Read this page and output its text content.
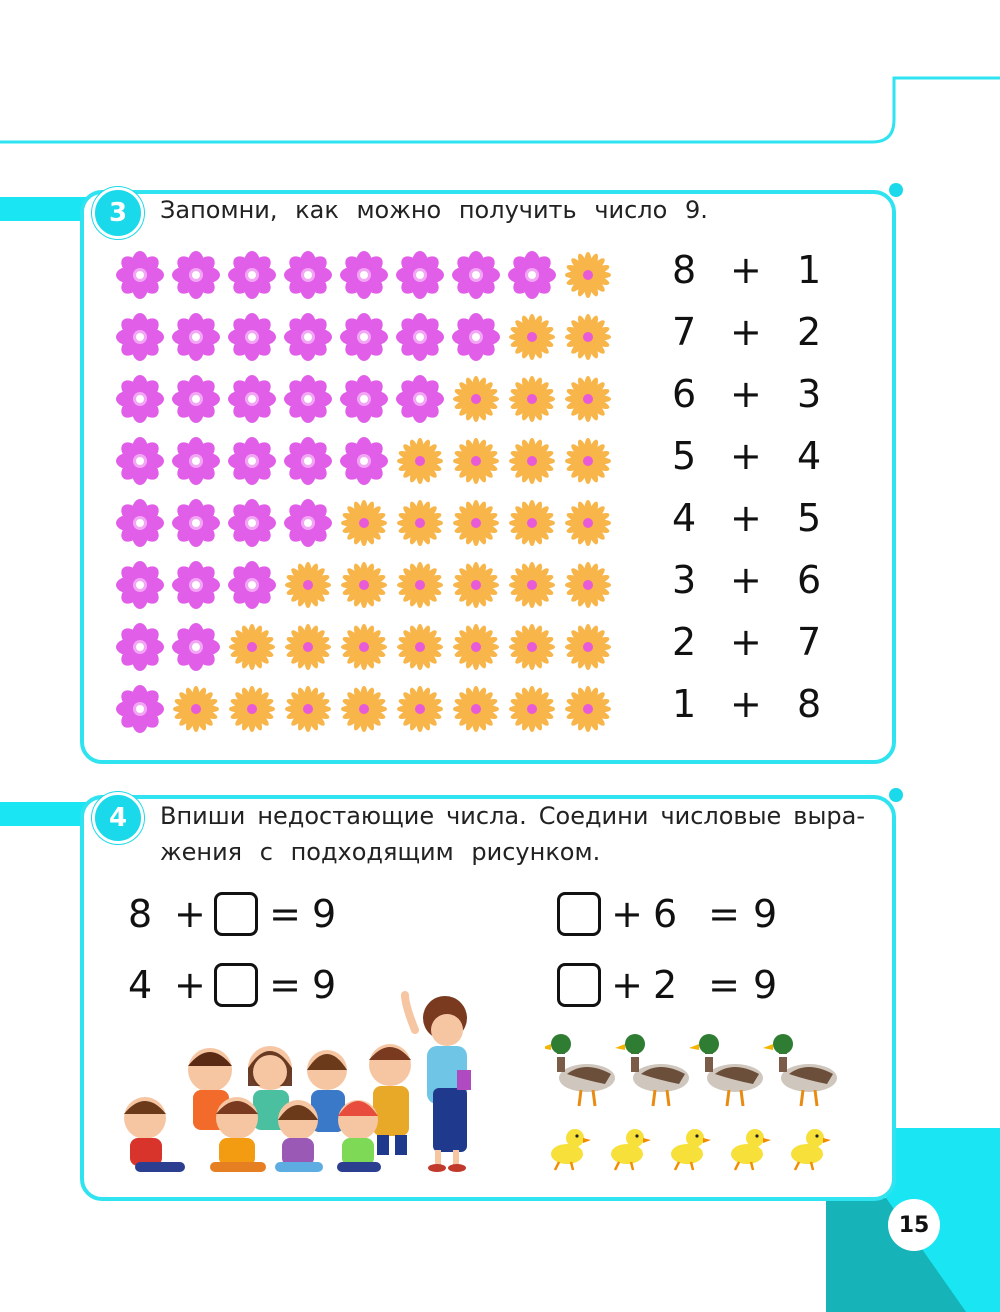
15
3	Запомни, как можно получить число 9.
8 + 1
7 + 2
6 + 3
5 + 4
4 + 5
3 + 6
2 + 7
1 + 8
4	Впиши недостающие числа. Соедини числовые выра-
жения с подходящим рисунком.
8 + = 9
4 + = 9
+ 6 = 9
+ 2 = 9
